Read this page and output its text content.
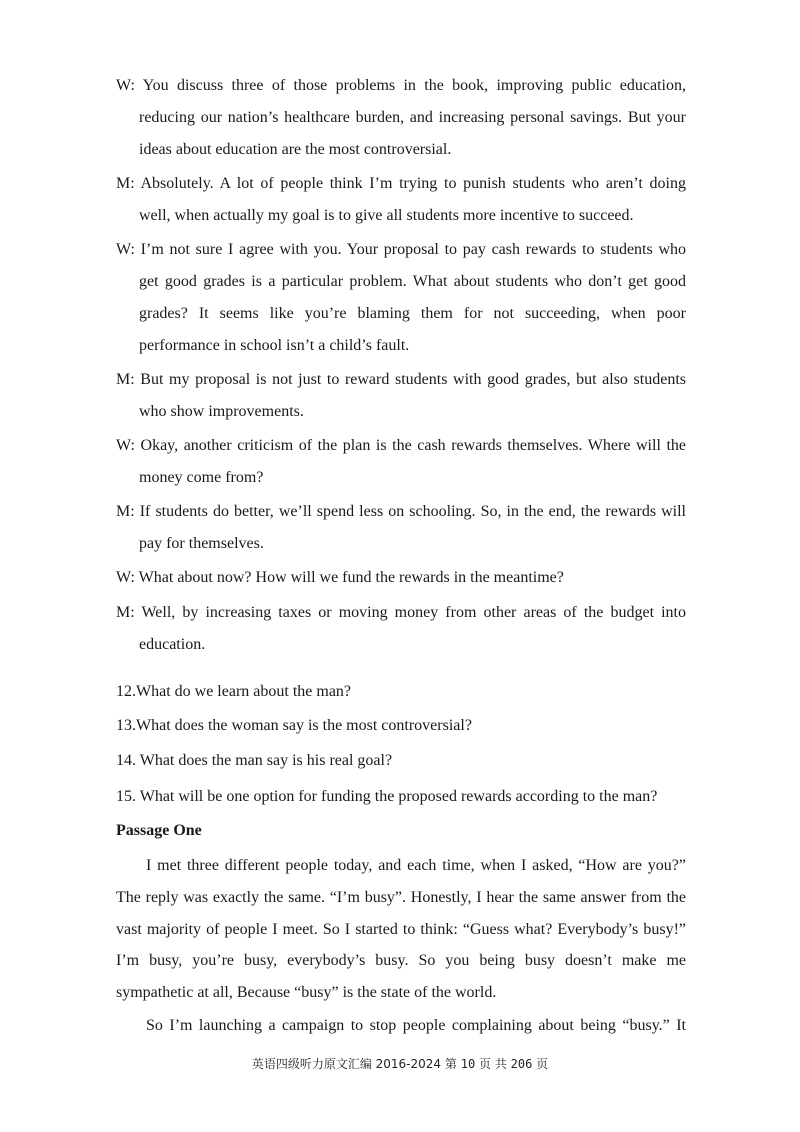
W: You discuss three of those problems in the book, improving public education,
reducing our nation’s healthcare burden, and increasing personal savings. But your
ideas about education are the most controversial.
M: Absolutely. A lot of people think I’m trying to punish students who aren’t doing
well, when actually my goal is to give all students more incentive to succeed.
W: I’m not sure I agree with you. Your proposal to pay cash rewards to students who
get good grades is a particular problem. What about students who don’t get good
grades? It seems like you’re blaming them for not succeeding, when poor
performance in school isn’t a child’s fault.
M: But my proposal is not just to reward students with good grades, but also students
who show improvements.
W: Okay, another criticism of the plan is the cash rewards themselves. Where will the
money come from?
M: If students do better, we’ll spend less on schooling. So, in the end, the rewards will
pay for themselves.
W: What about now? How will we fund the rewards in the meantime?
M: Well, by increasing taxes or moving money from other areas of the budget into
education.
12.What do we learn about the man?
13.What does the woman say is the most controversial?
14. What does the man say is his real goal?
15. What will be one option for funding the proposed rewards according to the man?
Passage One
I met three different people today, and each time, when I asked, “How are you?”
The reply was exactly the same. “I’m busy”. Honestly, I hear the same answer from the
vast majority of people I meet. So I started to think: “Guess what? Everybody’s busy!”
I’m busy, you’re busy, everybody’s busy. So you being busy doesn’t make me
sympathetic at all, Because “busy” is the state of the world.
So I’m launching a campaign to stop people complaining about being “busy.” It
英语四级听力原文汇编 2016-2024 第 10 页 共 206 页
